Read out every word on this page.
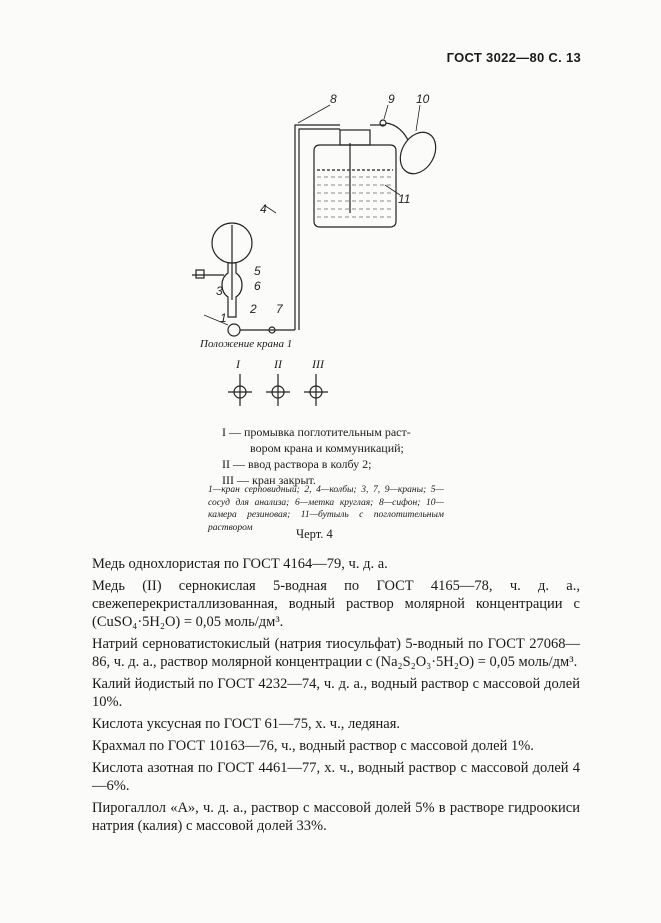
ГОСТ 3022—80 С. 13
1
2
3
4
5
6
7
8	9 10
11
Положение крана 1
I	II	III

I — промывка поглотительным раст-

вором крана и коммуникаций;

II — ввод раствора в колбу 2;

III — кран закрыт.

1—кран серповидный; 2, 4—колбы; 3, 7, 9—краны; 5—сосуд для анализа; 6—метка круглая; 8—сифон; 10—камера резиновая; 11—бутыль с поглотительным раствором	Черт. 4

Медь однохлористая по ГОСТ 4164—79, ч. д. а.

Медь (II) сернокислая 5-водная по ГОСТ 4165—78, ч. д. а., свежеперекристаллизованная, водный раствор молярной концентрации с (CuSO₄·5H₂O) = 0,05 моль/дм³.

Натрий серноватистокислый (натрия тиосульфат) 5-водный по ГОСТ 27068—86, ч. д. а., раствор молярной концентрации с (Na₂S₂O₃·5H₂O) = 0,05 моль/дм³.

Калий йодистый по ГОСТ 4232—74, ч. д. а., водный раствор с массовой долей 10%.

Кислота уксусная по ГОСТ 61—75, х. ч., ледяная.

Крахмал по ГОСТ 10163—76, ч., водный раствор с массовой долей 1%.

Кислота азотная по ГОСТ 4461—77, х. ч., водный раствор с массовой долей 4—6%.

Пирогаллол «А», ч. д. а., раствор с массовой долей 5% в растворе гидроокиси натрия (калия) с массовой долей 33%.
